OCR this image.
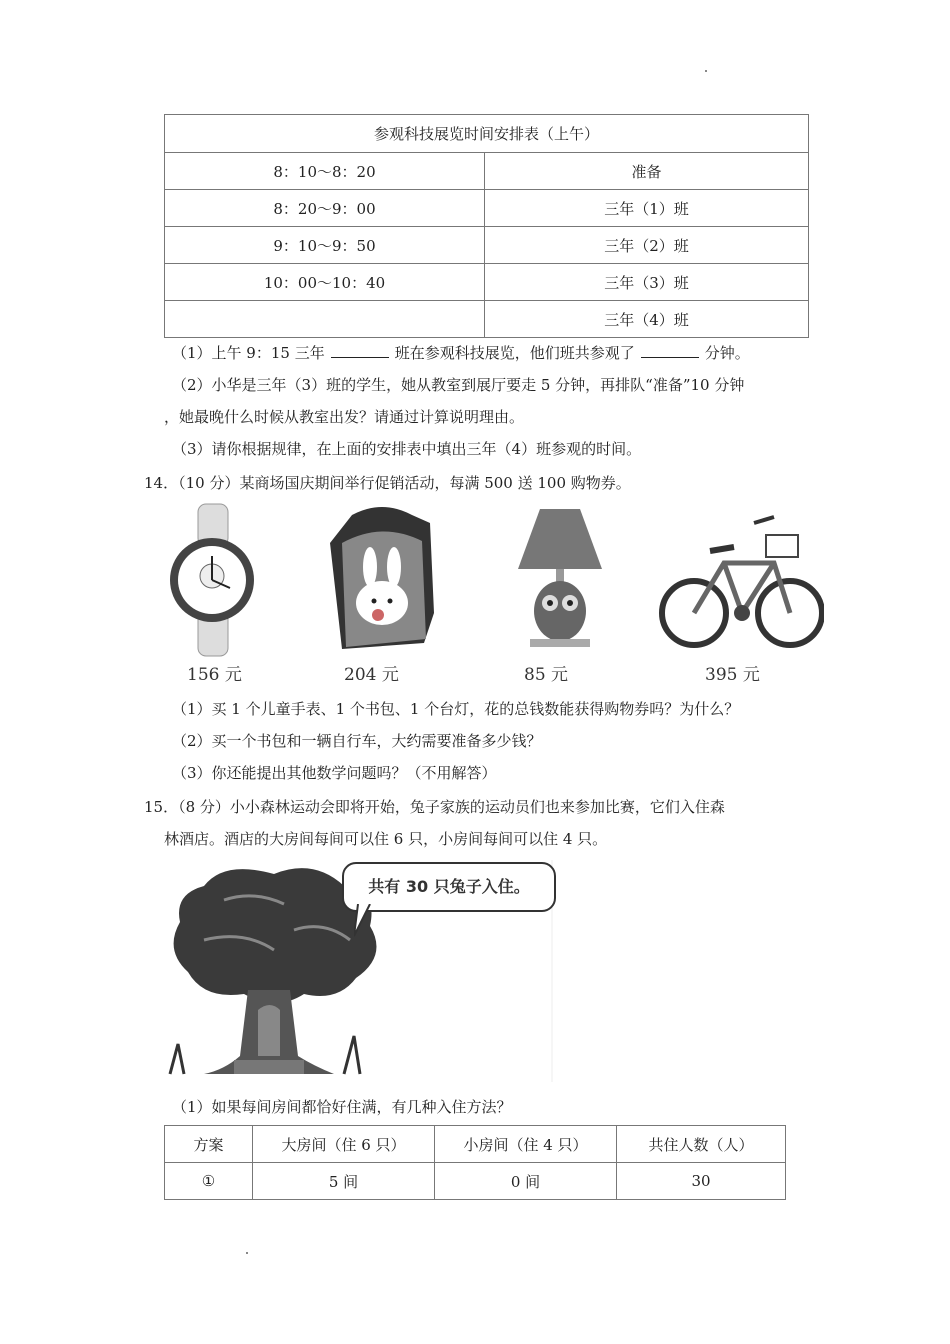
参观科技展览时间安排表（上午）	
8：10～8：20	准备
8：20～9：00	三年（1）班
9：10～9：50	三年（2）班
10：00～10：40	三年（3）班
	三年（4）班
（1）上午 9：15 三年	班在参观科技展览，他们班共参观了	分钟。
（2）小华是三年（3）班的学生，她从教室到展厅要走 5 分钟，再排队“准备”10 分钟
，她最晚什么时候从教室出发？请通过计算说明理由。
（3）请你根据规律，在上面的安排表中填出三年（4）班参观的时间。
14．（10 分）某商场国庆期间举行促销活动，每满 500 送 100 购物券。
156 元	204 元	85 元	395 元
（1）买 1 个儿童手表、1 个书包、1 个台灯，花的总钱数能获得购物券吗？为什么？
（2）买一个书包和一辆自行车，大约需要准备多少钱？
（3）你还能提出其他数学问题吗？（不用解答）
15．（8 分）小小森林运动会即将开始，兔子家族的运动员们也来参加比赛，它们入住森
林酒店。酒店的大房间每间可以住 6 只，小房间每间可以住 4 只。
共有 30 只兔子入住。
（1）如果每间房间都恰好住满，有几种入住方法？
方案	大房间（住 6 只）	小房间（住 4 只）	共住人数（人）
①	5 间	0 间	30
